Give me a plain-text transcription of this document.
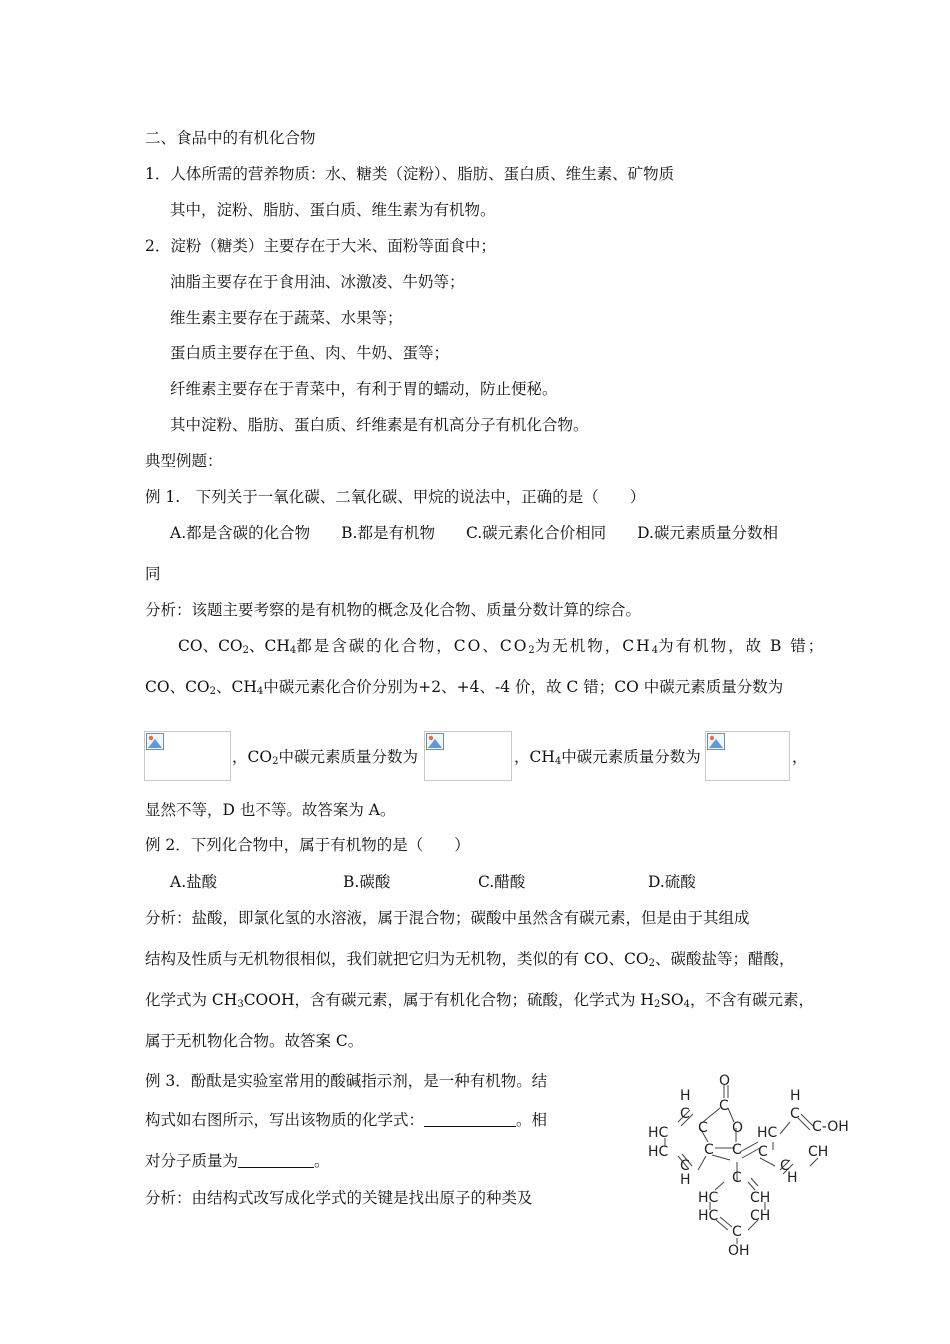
二、食品中的有机化合物
1．人体所需的营养物质：水、糖类（淀粉）、脂肪、蛋白质、维生素、矿物质
其中，淀粉、脂肪、蛋白质、维生素为有机物。
2．淀粉（糖类）主要存在于大米、面粉等面食中；
油脂主要存在于食用油、冰激凌、牛奶等；
维生素主要存在于蔬菜、水果等；
蛋白质主要存在于鱼、肉、牛奶、蛋等；
纤维素主要存在于青菜中，有利于胃的蠕动，防止便秘。
其中淀粉、脂肪、蛋白质、纤维素是有机高分子有机化合物。
典型例题：
例 1.　下列关于一氧化碳、二氧化碳、甲烷的说法中，正确的是（　　）
A.都是含碳的化合物　　B.都是有机物　　C.碳元素化合价相同　　D.碳元素质量分数相
同
分析：该题主要考察的是有机物的概念及化合物、质量分数计算的综合。
CO、$CO_2$、$CH_4$都是含碳的化合物，CO、$CO_2$为无机物，$CH_4$为有机物，故 B 错；
CO、$CO_2$、$CH_4$中碳元素化合价分别为+2、+4、-4 价，故 C 错；CO 中碳元素质量分数为
，$CO_2$中碳元素质量分数为	，$CH_4$中碳元素质量分数为	，
显然不等，D 也不等。故答案为 A。
例 2．下列化合物中，属于有机物的是（　　）
A.盐酸	B.碳酸	C.醋酸	D.硫酸
分析：盐酸，即氯化氢的水溶液，属于混合物；碳酸中虽然含有碳元素，但是由于其组成
结构及性质与无机物很相似，我们就把它归为无机物，类似的有 CO、$CO_2$、碳酸盐等；醋酸，
化学式为 $CH_3COOH$，含有碳元素，属于有机化合物；硫酸，化学式为 $H_2SO_4$，不含有碳元素，
属于无机物化合物。故答案 C。
例 3．酚酞是实验室常用的酸碱指示剂，是一种有机物。结
构式如右图所示，写出该物质的化学式：	。相
对分子质量为	。
分析：由结构式改写成化学式的关键是找出原子的种类及
O
C
O
H
C
C
HC
HC	C
C
H
C
H
C
HC C-OH
C	CH
C
H
C
HC CH
HC CH
C
OH
